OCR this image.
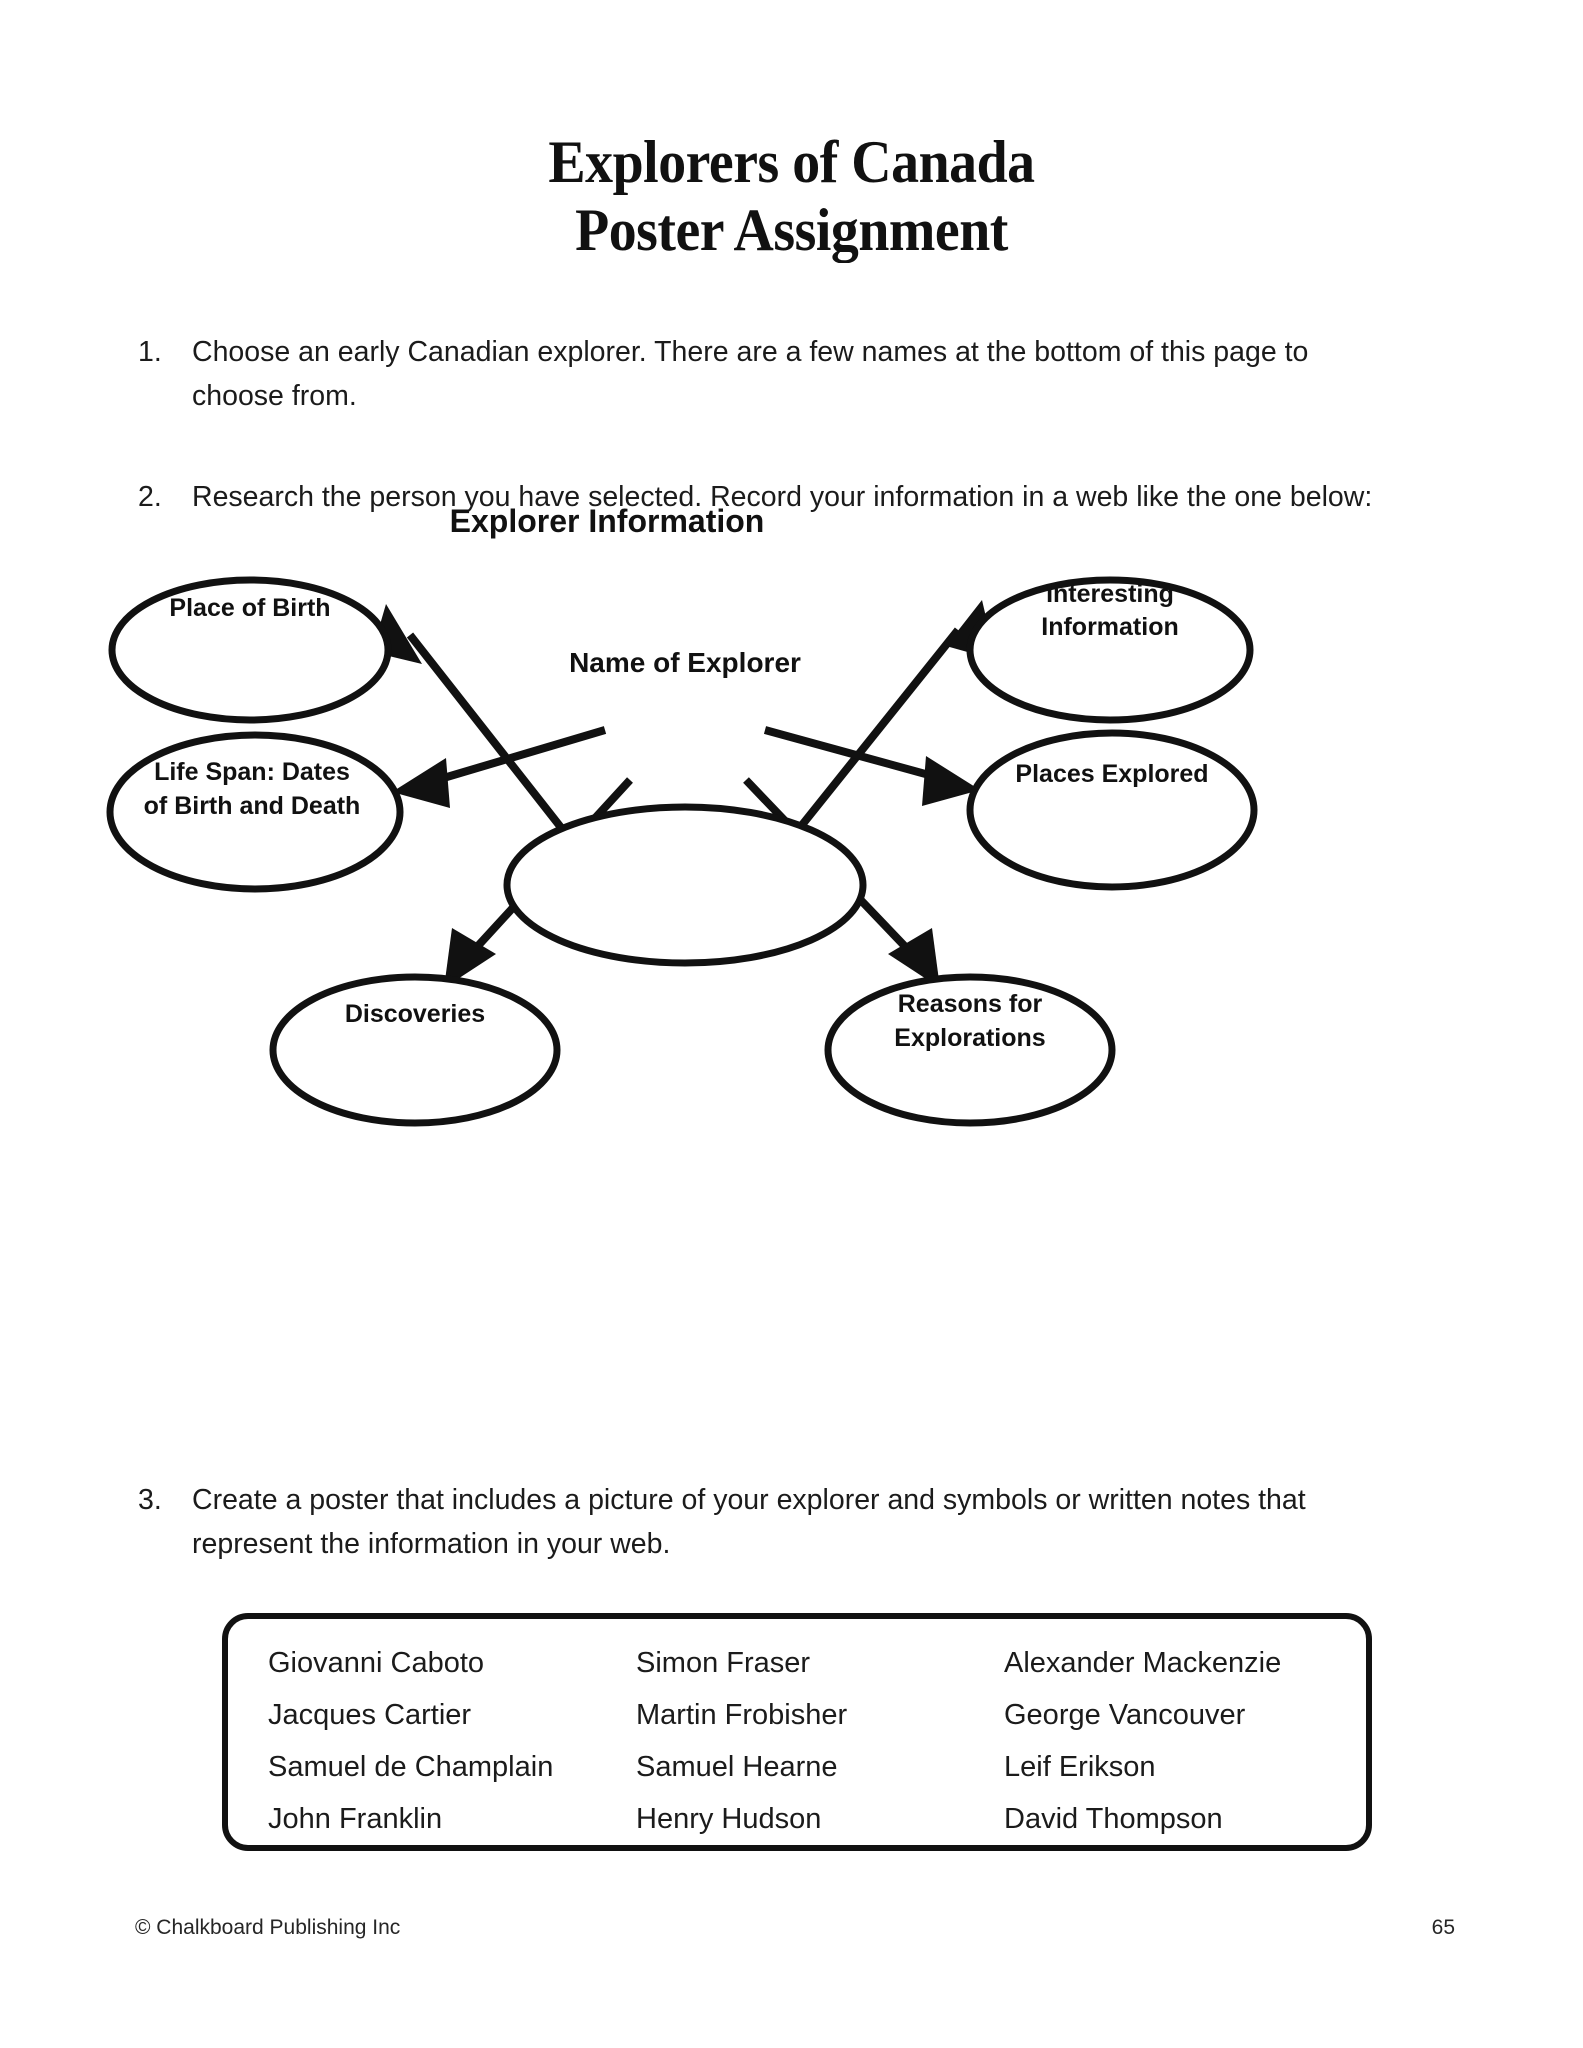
Explorers of Canada
Poster Assignment
1.	Choose an early Canadian explorer. There are a few names at the bottom of this page to choose from.
2.	Research the person you have selected. Record your information in a web like the one below:
Place of Birth	Interesting
Information
Life Span: Dates
of Birth and Death
Places Explored
Discoveries	Reasons for
Explorations
Name of Explorer
Explorer Information
3.	Create a poster that includes a picture of your explorer and symbols or written notes that represent the information in your web.
Giovanni Caboto	Simon Fraser	Alexander Mackenzie
Jacques Cartier	Martin Frobisher	George Vancouver
Samuel de Champlain	Samuel Hearne	Leif Erikson
John Franklin	Henry Hudson	David Thompson
© Chalkboard Publishing Inc	65
